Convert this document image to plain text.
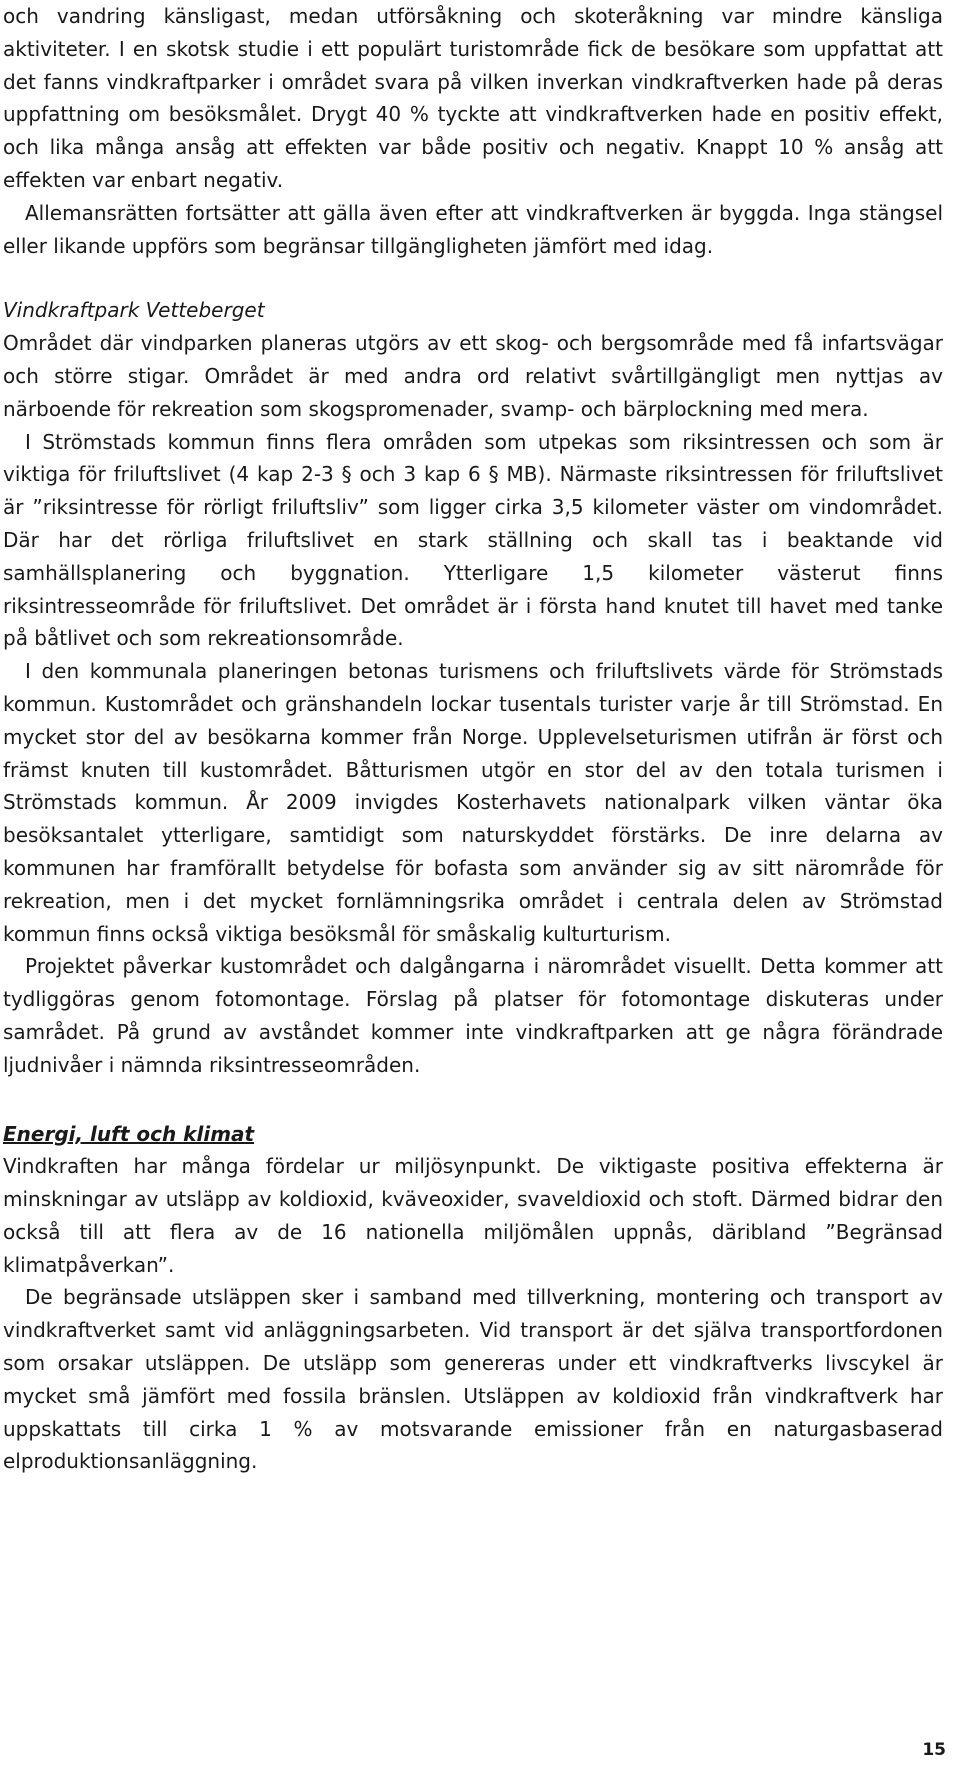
och vandring känsligast, medan utförsåkning och skoteråkning var mindre känsliga aktiviteter. I en skotsk studie i ett populärt turistområde fick de besökare som uppfattat att det fanns vindkraftparker i området svara på vilken inverkan vindkraftverken hade på deras uppfattning om besöksmålet. Drygt 40 % tyckte att vindkraftverken hade en positiv effekt, och lika många ansåg att effekten var både positiv och negativ. Knappt 10 % ansåg att effekten var enbart negativ.

Allemansrätten fortsätter att gälla även efter att vindkraftverken är byggda. Inga stängsel eller likande uppförs som begränsar tillgängligheten jämfört med idag.

Vindkraftpark Vetteberget

Området där vindparken planeras utgörs av ett skog- och bergsområde med få infartsvägar och större stigar. Området är med andra ord relativt svårtillgängligt men nyttjas av närboende för rekreation som skogspromenader, svamp- och bärplockning med mera.

I Strömstads kommun finns flera områden som utpekas som riksintressen och som är viktiga för friluftslivet (4 kap 2-3 § och 3 kap 6 § MB). Närmaste riksintressen för friluftslivet är ”riksintresse för rörligt friluftsliv” som ligger cirka 3,5 kilometer väster om vindområdet. Där har det rörliga friluftslivet en stark ställning och skall tas i beaktande vid samhällsplanering och byggnation. Ytterligare 1,5 kilometer västerut finns riksintresseområde för friluftslivet. Det området är i första hand knutet till havet med tanke på båtlivet och som rekreationsområde.

I den kommunala planeringen betonas turismens och friluftslivets värde för Strömstads kommun. Kustområdet och gränshandeln lockar tusentals turister varje år till Strömstad. En mycket stor del av besökarna kommer från Norge. Upplevelseturismen utifrån är först och främst knuten till kustområdet. Båtturismen utgör en stor del av den totala turismen i Strömstads kommun. År 2009 invigdes Kosterhavets nationalpark vilken väntar öka besöksantalet ytterligare, samtidigt som naturskyddet förstärks. De inre delarna av kommunen har framförallt betydelse för bofasta som använder sig av sitt närområde för rekreation, men i det mycket fornlämningsrika området i centrala delen av Strömstad kommun finns också viktiga besöksmål för småskalig kulturturism.

Projektet påverkar kustområdet och dalgångarna i närområdet visuellt. Detta kommer att tydliggöras genom fotomontage. Förslag på platser för fotomontage diskuteras under samrådet. På grund av avståndet kommer inte vindkraftparken att ge några förändrade ljudnivåer i nämnda riksintresseområden.

Energi, luft och klimat

Vindkraften har många fördelar ur miljösynpunkt. De viktigaste positiva effekterna är minskningar av utsläpp av koldioxid, kväveoxider, svaveldioxid och stoft. Därmed bidrar den också till att flera av de 16 nationella miljömålen uppnås, däribland ”Begränsad klimatpåverkan”.

De begränsade utsläppen sker i samband med tillverkning, montering och transport av vindkraftverket samt vid anläggningsarbeten. Vid transport är det själva transportfordonen som orsakar utsläppen. De utsläpp som genereras under ett vindkraftverks livscykel är mycket små jämfört med fossila bränslen. Utsläppen av koldioxid från vindkraftverk har uppskattats till cirka 1 % av motsvarande emissioner från en naturgasbaserad elproduktionsanläggning.

15
